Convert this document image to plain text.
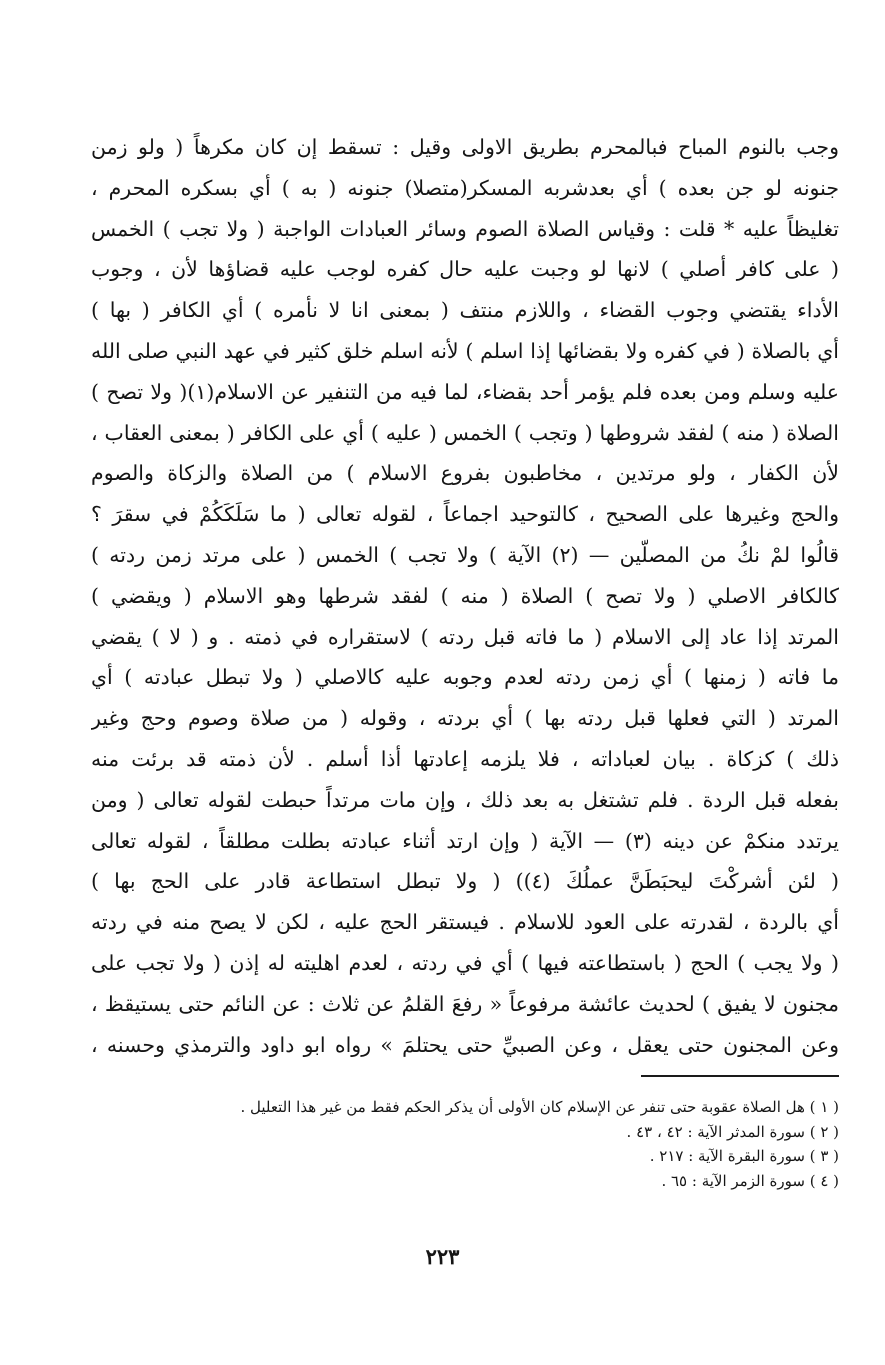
وجب بالنوم المباح فبالمحرم بطريق الاولى وقيل : تسقط إن كان مكرهاً ( ولو زمن
جنونه لو جن بعده ) أي بعدشربه المسكر(متصلا) جنونه ( به ) أي بسكره المحرم ،
تغليظاً عليه * قلت : وقياس الصلاة الصوم وسائر العبادات الواجبة ( ولا تجب ) الخمس
( على كافر أصلي ) لانها لو وجبت عليه حال كفره لوجب عليه قضاؤها لأن ، وجوب
الأداء يقتضي وجوب القضاء ، واللازم منتف ( بمعنى انا لا نأمره ) أي الكافر ( بها )
أي بالصلاة ( في كفره ولا بقضائها إذا اسلم ) لأنه اسلم خلق كثير في عهد النبي صلى الله
عليه وسلم ومن بعده فلم يؤمر أحد بقضاء، لما فيه من التنفير عن الاسلام(١)( ولا تصح )
الصلاة ( منه ) لفقد شروطها ( وتجب ) الخمس ( عليه ) أي على الكافر ( بمعنى العقاب ،
لأن الكفار ، ولو مرتدين ، مخاطبون بفروع الاسلام ) من الصلاة والزكاة والصوم
والحج وغيرها على الصحيح ، كالتوحيد اجماعاً ، لقوله تعالى ( ما سَلَكَكُمْ في سقرَ ؟
قالُوا لمْ نكُ من المصلّين — (٢) الآية ) ولا تجب ) الخمس ( على مرتد زمن ردته )
كالكافر الاصلي ( ولا تصح ) الصلاة ( منه ) لفقد شرطها وهو الاسلام ( ويقضي )
المرتد إذا عاد إلى الاسلام ( ما فاته قبل ردته ) لاستقراره في ذمته . و ( لا ) يقضي
ما فاته ( زمنها ) أي زمن ردته لعدم وجوبه عليه كالاصلي ( ولا تبطل عبادته ) أي
المرتد ( التي فعلها قبل ردته بها ) أي بردته ، وقوله ( من صلاة وصوم وحج وغير
ذلك ) كزكاة . بيان لعباداته ، فلا يلزمه إعادتها أذا أسلم . لأن ذمته قد برئت منه
بفعله قبل الردة . فلم تشتغل به بعد ذلك ، وإن مات مرتداً حبطت لقوله تعالى ( ومن
يرتدد منكمْ عن دينه (٣) — الآية ( وإن ارتد أثناء عبادته بطلت مطلقاً ، لقوله تعالى
( لئن أشركْتَ ليحبَطَنَّ عملُكَ (٤)) ( ولا تبطل استطاعة قادر على الحج بها )
أي بالردة ، لقدرته على العود للاسلام . فيستقر الحج عليه ، لكن لا يصح منه في ردته
( ولا يجب ) الحج ( باستطاعته فيها ) أي في ردته ، لعدم اهليته له إذن ( ولا تجب على
مجنون لا يفيق ) لحديث عائشة مرفوعاً « رفعَ القلمُ عن ثلاث : عن النائم حتى يستيقظ ،
وعن المجنون حتى يعقل ، وعن الصبيِّ حتى يحتلمَ » رواه ابو داود والترمذي وحسنه ،
( ١ ) هل الصلاة عقوبة حتى تنفر عن الإسلام كان الأولى أن يذكر الحكم فقط من غير هذا التعليل .
( ٢ ) سورة المدثر الآية : ٤٢ ، ٤٣ .
( ٣ ) سورة البقرة الآية : ٢١٧ .
( ٤ ) سورة الزمر الآية : ٦٥ .
٢٢٣
